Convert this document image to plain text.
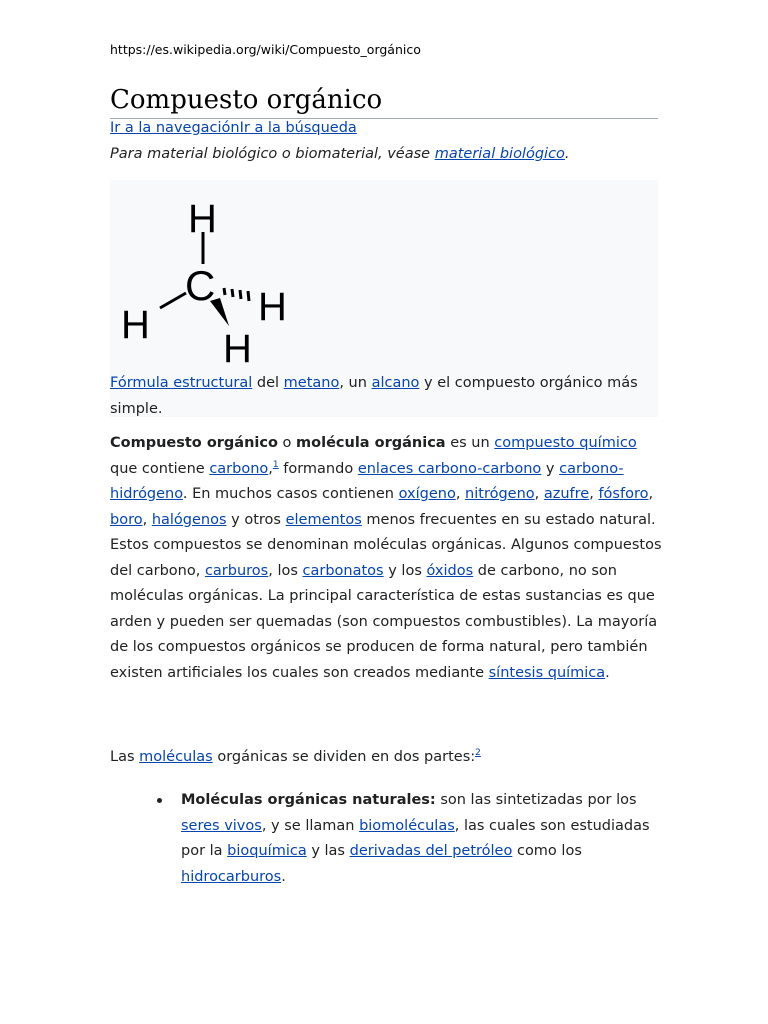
https://es.wikipedia.org/wiki/Compuesto_orgánico
Compuesto orgánico
Ir a la navegaciónIr a la búsqueda
Para material biológico o biomaterial, véase material biológico.
H
C
H	H
H
Fórmula estructural del metano, un alcano y el compuesto orgánico más simple.

Compuesto orgánico o molécula orgánica es un compuesto químico que contiene carbono,$^1$ formando enlaces carbono-carbono y carbono-hidrógeno. En muchos casos contienen oxígeno, nitrógeno, azufre, fósforo, boro, halógenos y otros elementos menos frecuentes en su estado natural. Estos compuestos se denominan moléculas orgánicas. Algunos compuestos del carbono, carburos, los carbonatos y los óxidos de carbono, no son moléculas orgánicas. La principal característica de estas sustancias es que arden y pueden ser quemadas (son compuestos combustibles). La mayoría de los compuestos orgánicos se producen de forma natural, pero también existen artificiales los cuales son creados mediante síntesis química.

Las moléculas orgánicas se dividen en dos partes:$^2$
Moléculas orgánicas naturales: son las sintetizadas por los seres vivos, y se llaman biomoléculas, las cuales son estudiadas por la bioquímica y las derivadas del petróleo como los hidrocarburos.
